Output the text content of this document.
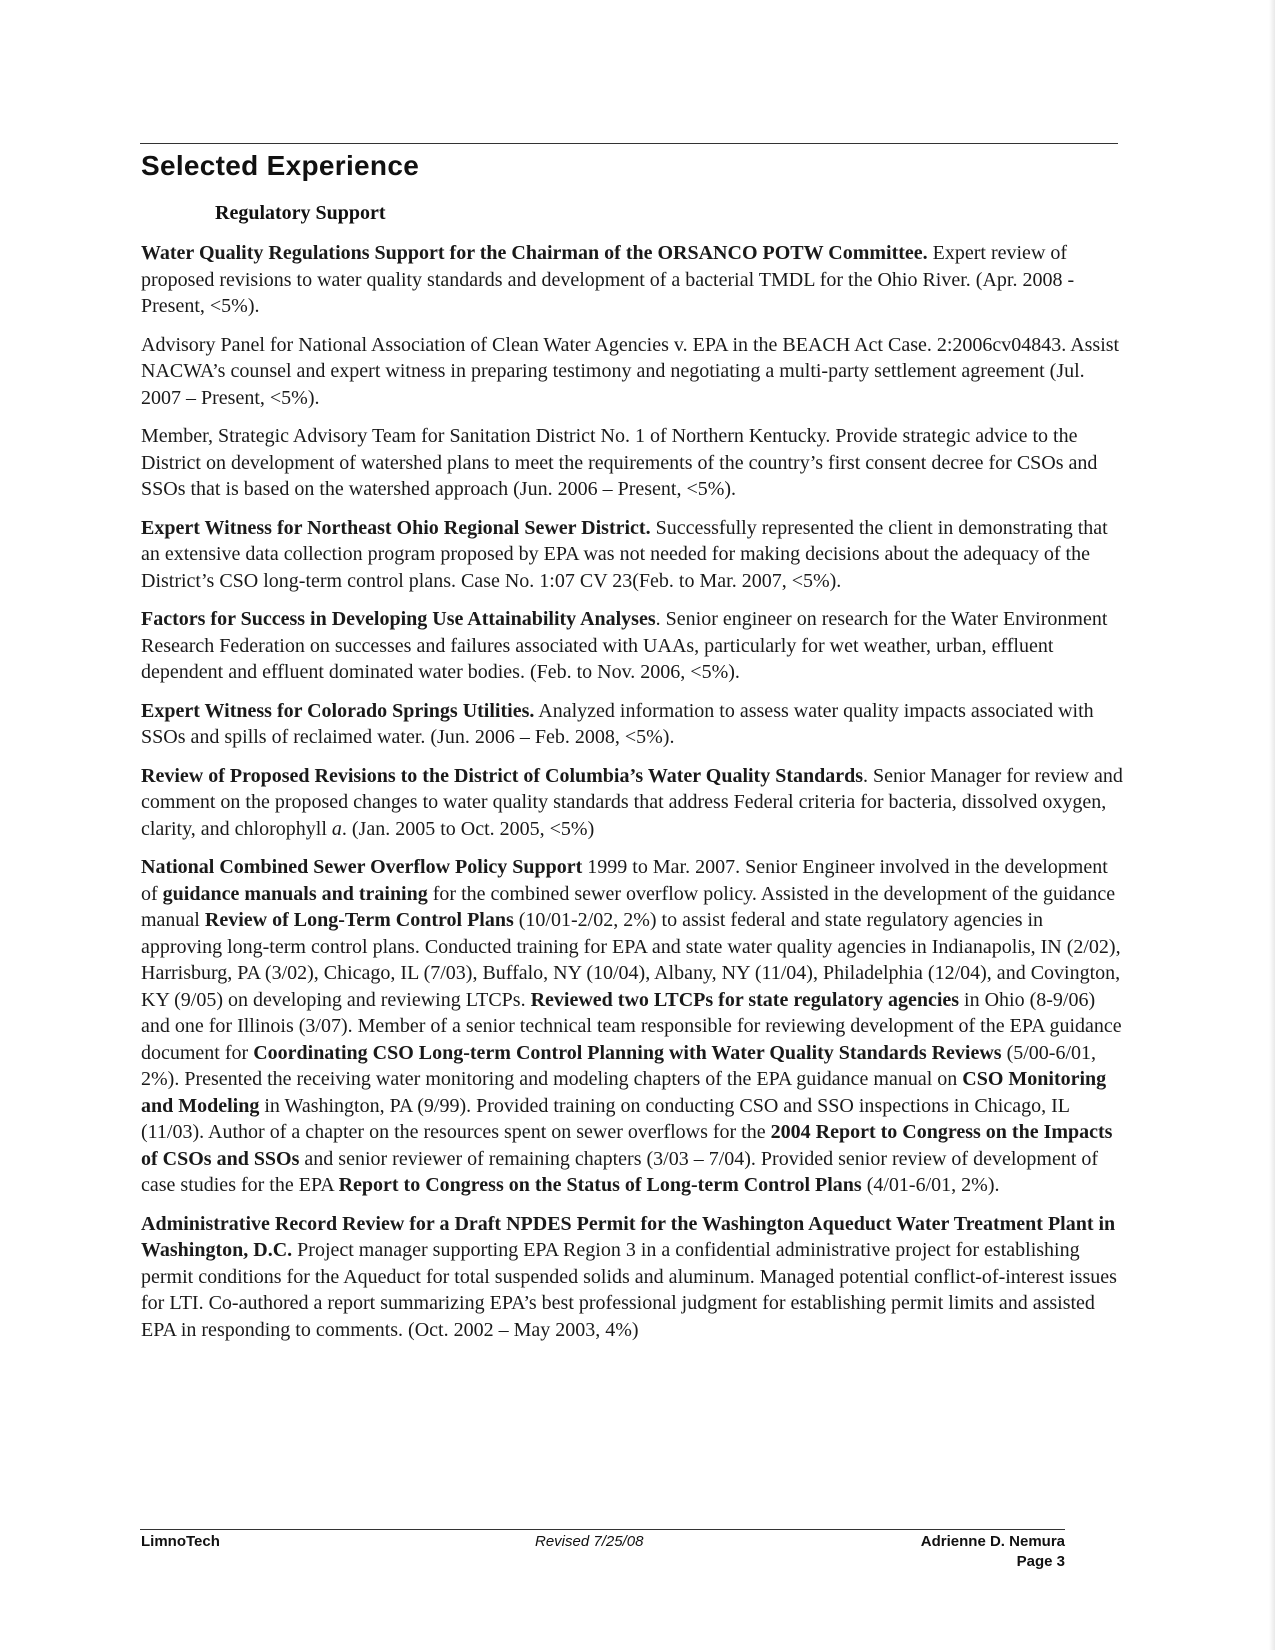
Selected Experience
Regulatory Support

Water Quality Regulations Support for the Chairman of the ORSANCO POTW Committee. Expert review of proposed revisions to water quality standards and development of a bacterial TMDL for the Ohio River. (Apr. 2008 - Present, <5%).

Advisory Panel for National Association of Clean Water Agencies v. EPA in the BEACH Act Case. 2:2006cv04843. Assist NACWA’s counsel and expert witness in preparing testimony and negotiating a multi-party settlement agreement (Jul. 2007 – Present, <5%).

Member, Strategic Advisory Team for Sanitation District No. 1 of Northern Kentucky. Provide strategic advice to the District on development of watershed plans to meet the requirements of the country’s first consent decree for CSOs and SSOs that is based on the watershed approach (Jun. 2006 – Present, <5%).

Expert Witness for Northeast Ohio Regional Sewer District. Successfully represented the client in demonstrating that an extensive data collection program proposed by EPA was not needed for making decisions about the adequacy of the District’s CSO long-term control plans. Case No. 1:07 CV 23(Feb. to Mar. 2007, <5%).

Factors for Success in Developing Use Attainability Analyses. Senior engineer on research for the Water Environment Research Federation on successes and failures associated with UAAs, particularly for wet weather, urban, effluent dependent and effluent dominated water bodies. (Feb. to Nov. 2006, <5%).

Expert Witness for Colorado Springs Utilities. Analyzed information to assess water quality impacts associated with SSOs and spills of reclaimed water. (Jun. 2006 – Feb. 2008, <5%).

Review of Proposed Revisions to the District of Columbia’s Water Quality Standards. Senior Manager for review and comment on the proposed changes to water quality standards that address Federal criteria for bacteria, dissolved oxygen, clarity, and chlorophyll a. (Jan. 2005 to Oct. 2005, <5%)

National Combined Sewer Overflow Policy Support 1999 to Mar. 2007. Senior Engineer involved in the development of guidance manuals and training for the combined sewer overflow policy. Assisted in the development of the guidance manual Review of Long-Term Control Plans (10/01-2/02, 2%) to assist federal and state regulatory agencies in approving long-term control plans. Conducted training for EPA and state water quality agencies in Indianapolis, IN (2/02), Harrisburg, PA (3/02), Chicago, IL (7/03), Buffalo, NY (10/04), Albany, NY (11/04), Philadelphia (12/04), and Covington, KY (9/05) on developing and reviewing LTCPs. Reviewed two LTCPs for state regulatory agencies in Ohio (8-9/06) and one for Illinois (3/07). Member of a senior technical team responsible for reviewing development of the EPA guidance document for Coordinating CSO Long-term Control Planning with Water Quality Standards Reviews (5/00-6/01, 2%). Presented the receiving water monitoring and modeling chapters of the EPA guidance manual on CSO Monitoring and Modeling in Washington, PA (9/99). Provided training on conducting CSO and SSO inspections in Chicago, IL (11/03). Author of a chapter on the resources spent on sewer overflows for the 2004 Report to Congress on the Impacts of CSOs and SSOs and senior reviewer of remaining chapters (3/03 – 7/04). Provided senior review of development of case studies for the EPA Report to Congress on the Status of Long-term Control Plans (4/01-6/01, 2%).

Administrative Record Review for a Draft NPDES Permit for the Washington Aqueduct Water Treatment Plant in Washington, D.C. Project manager supporting EPA Region 3 in a confidential administrative project for establishing permit conditions for the Aqueduct for total suspended solids and aluminum. Managed potential conflict-of-interest issues for LTI. Co-authored a report summarizing EPA’s best professional judgment for establishing permit limits and assisted EPA in responding to comments. (Oct. 2002 – May 2003, 4%)

LimnoTech	Revised 7/25/08	Adrienne D. Nemura
Page 3
